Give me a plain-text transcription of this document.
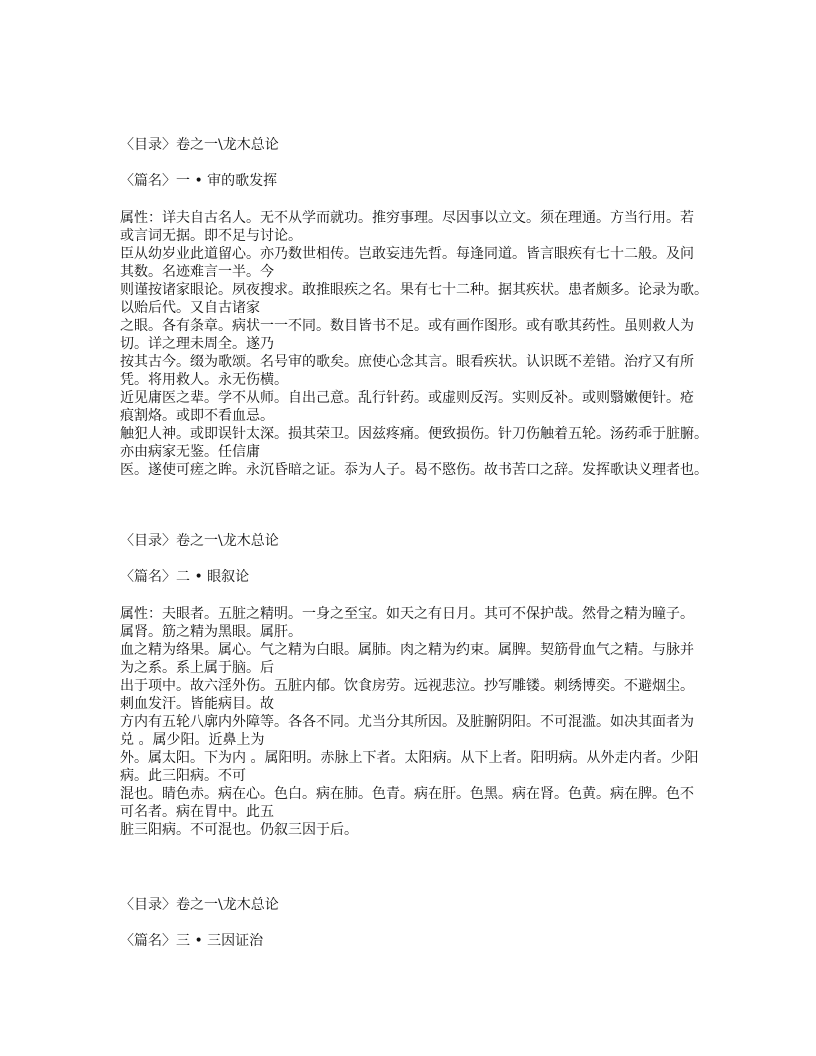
〈目录〉卷之一\龙木总论
〈篇名〉一 • 审的歌发挥
属性：详夫自古名人。无不从学而就功。推穷事理。尽因事以立文。须在理通。方当行用。若
或言词无据。即不足与讨论。
臣从幼岁业此道留心。亦乃数世相传。岂敢妄违先哲。每逢同道。皆言眼疾有七十二般。及问
其数。名迹难言一半。今
则谨按诸家眼论。夙夜搜求。敢推眼疾之名。果有七十二种。据其疾状。患者颇多。论录为歌。
以贻后代。又自古诸家
之眼。各有条章。病状一一不同。数目皆书不足。或有画作图形。或有歌其药性。虽则救人为
切。详之理未周全。遂乃
按其古今。缀为歌颂。名号审的歌矣。庶使心念其言。眼看疾状。认识既不差错。治疗又有所
凭。将用救人。永无伤横。
近见庸医之辈。学不从师。自出己意。乱行针药。或虚则反泻。实则反补。或则翳嫩便针。疮
痕割烙。或即不看血忌。
触犯人神。或即误针太深。损其荣卫。因兹疼痛。便致损伤。针刀伤触着五轮。汤药乖于脏腑。
亦由病家无鉴。任信庸
医。遂使可瘥之眸。永沉昏暗之证。忝为人子。曷不愍伤。故书苦口之辞。发挥歌诀义理者也。
〈目录〉卷之一\龙木总论
〈篇名〉二 • 眼叙论
属性：夫眼者。五脏之精明。一身之至宝。如天之有日月。其可不保护哉。然骨之精为瞳子。
属肾。筋之精为黑眼。属肝。
血之精为络果。属心。气之精为白眼。属肺。肉之精为约束。属脾。契筋骨血气之精。与脉并
为之系。系上属于脑。后
出于项中。故六淫外伤。五脏内郁。饮食房劳。远视悲泣。抄写雕镂。刺绣博奕。不避烟尘。
刺血发汗。皆能病目。故
方内有五轮八廓内外障等。各各不同。尤当分其所因。及脏腑阴阳。不可混滥。如决其面者为
兑 。属少阳。近鼻上为
外。属太阳。下为内 。属阳明。赤脉上下者。太阳病。从下上者。阳明病。从外走内者。少阳
病。此三阳病。不可
混也。睛色赤。病在心。色白。病在肺。色青。病在肝。色黑。病在肾。色黄。病在脾。色不
可名者。病在胃中。此五
脏三阳病。不可混也。仍叙三因于后。
〈目录〉卷之一\龙木总论
〈篇名〉三 • 三因证治
